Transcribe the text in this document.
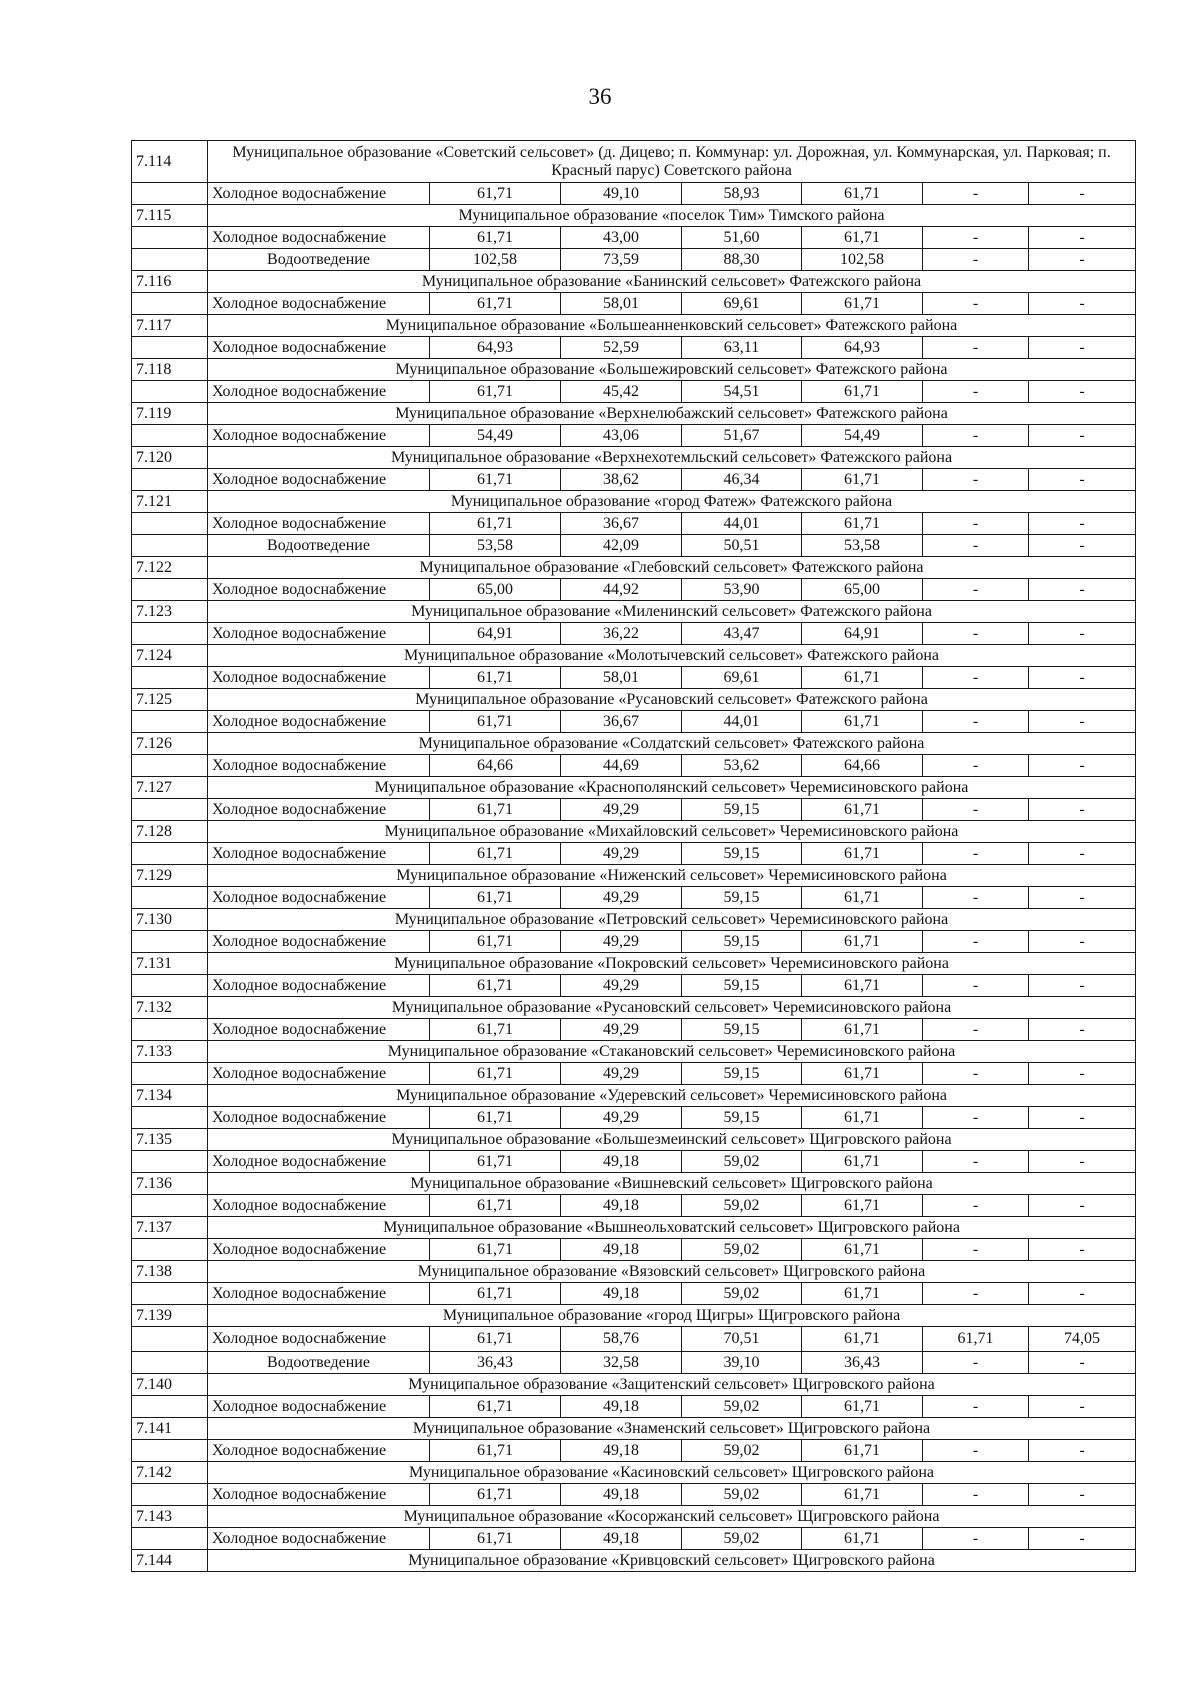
36
7.114	Муниципальное образование «Советский сельсовет» (д. Дицево; п. Коммунар: ул. Дорожная, ул. Коммунарская, ул. Парковая; п. Красный парус) Советского района						
	Холодное водоснабжение	61,71	49,10	58,93	61,71	-	-
7.115	Муниципальное образование «поселок Тим» Тимского района						
	Холодное водоснабжение	61,71	43,00	51,60	61,71	-	-
	Водоотведение	102,58	73,59	88,30	102,58	-	-
7.116	Муниципальное образование «Банинский сельсовет» Фатежского района						
	Холодное водоснабжение	61,71	58,01	69,61	61,71	-	-
7.117	Муниципальное образование «Большеанненковский сельсовет» Фатежского района						
	Холодное водоснабжение	64,93	52,59	63,11	64,93	-	-
7.118	Муниципальное образование «Большежировский сельсовет» Фатежского района						
	Холодное водоснабжение	61,71	45,42	54,51	61,71	-	-
7.119	Муниципальное образование «Верхнелюбажский сельсовет» Фатежского района						
	Холодное водоснабжение	54,49	43,06	51,67	54,49	-	-
7.120	Муниципальное образование «Верхнехотемльский сельсовет» Фатежского района						
	Холодное водоснабжение	61,71	38,62	46,34	61,71	-	-
7.121	Муниципальное образование «город Фатеж» Фатежского района						
	Холодное водоснабжение	61,71	36,67	44,01	61,71	-	-
	Водоотведение	53,58	42,09	50,51	53,58	-	-
7.122	Муниципальное образование «Глебовский сельсовет» Фатежского района						
	Холодное водоснабжение	65,00	44,92	53,90	65,00	-	-
7.123	Муниципальное образование «Миленинский сельсовет» Фатежского района						
	Холодное водоснабжение	64,91	36,22	43,47	64,91	-	-
7.124	Муниципальное образование «Молотычевский сельсовет» Фатежского района						
	Холодное водоснабжение	61,71	58,01	69,61	61,71	-	-
7.125	Муниципальное образование «Русановский сельсовет» Фатежского района						
	Холодное водоснабжение	61,71	36,67	44,01	61,71	-	-
7.126	Муниципальное образование «Солдатский сельсовет» Фатежского района						
	Холодное водоснабжение	64,66	44,69	53,62	64,66	-	-
7.127	Муниципальное образование «Краснополянский сельсовет» Черемисиновского района						
	Холодное водоснабжение	61,71	49,29	59,15	61,71	-	-
7.128	Муниципальное образование «Михайловский сельсовет» Черемисиновского района						
	Холодное водоснабжение	61,71	49,29	59,15	61,71	-	-
7.129	Муниципальное образование «Ниженский сельсовет» Черемисиновского района						
	Холодное водоснабжение	61,71	49,29	59,15	61,71	-	-
7.130	Муниципальное образование «Петровский сельсовет» Черемисиновского района						
	Холодное водоснабжение	61,71	49,29	59,15	61,71	-	-
7.131	Муниципальное образование «Покровский сельсовет» Черемисиновского района						
	Холодное водоснабжение	61,71	49,29	59,15	61,71	-	-
7.132	Муниципальное образование «Русановский сельсовет» Черемисиновского района						
	Холодное водоснабжение	61,71	49,29	59,15	61,71	-	-
7.133	Муниципальное образование «Стакановский сельсовет» Черемисиновского района						
	Холодное водоснабжение	61,71	49,29	59,15	61,71	-	-
7.134	Муниципальное образование «Удеревский сельсовет» Черемисиновского района						
	Холодное водоснабжение	61,71	49,29	59,15	61,71	-	-
7.135	Муниципальное образование «Большезмеинский сельсовет» Щигровского района						
	Холодное водоснабжение	61,71	49,18	59,02	61,71	-	-
7.136	Муниципальное образование «Вишневский сельсовет» Щигровского района						
	Холодное водоснабжение	61,71	49,18	59,02	61,71	-	-
7.137	Муниципальное образование «Вышнеольховатский сельсовет» Щигровского района						
	Холодное водоснабжение	61,71	49,18	59,02	61,71	-	-
7.138	Муниципальное образование «Вязовский сельсовет» Щигровского района						
	Холодное водоснабжение	61,71	49,18	59,02	61,71	-	-
7.139	Муниципальное образование «город Щигры» Щигровского района						
	Холодное водоснабжение	61,71	58,76	70,51	61,71	61,71	74,05
	Водоотведение	36,43	32,58	39,10	36,43	-	-
7.140	Муниципальное образование «Защитенский сельсовет» Щигровского района						
	Холодное водоснабжение	61,71	49,18	59,02	61,71	-	-
7.141	Муниципальное образование «Знаменский сельсовет» Щигровского района						
	Холодное водоснабжение	61,71	49,18	59,02	61,71	-	-
7.142	Муниципальное образование «Касиновский сельсовет» Щигровского района						
	Холодное водоснабжение	61,71	49,18	59,02	61,71	-	-
7.143	Муниципальное образование «Косоржанский сельсовет» Щигровского района						
	Холодное водоснабжение	61,71	49,18	59,02	61,71	-	-
7.144	Муниципальное образование «Кривцовский сельсовет» Щигровского района						
